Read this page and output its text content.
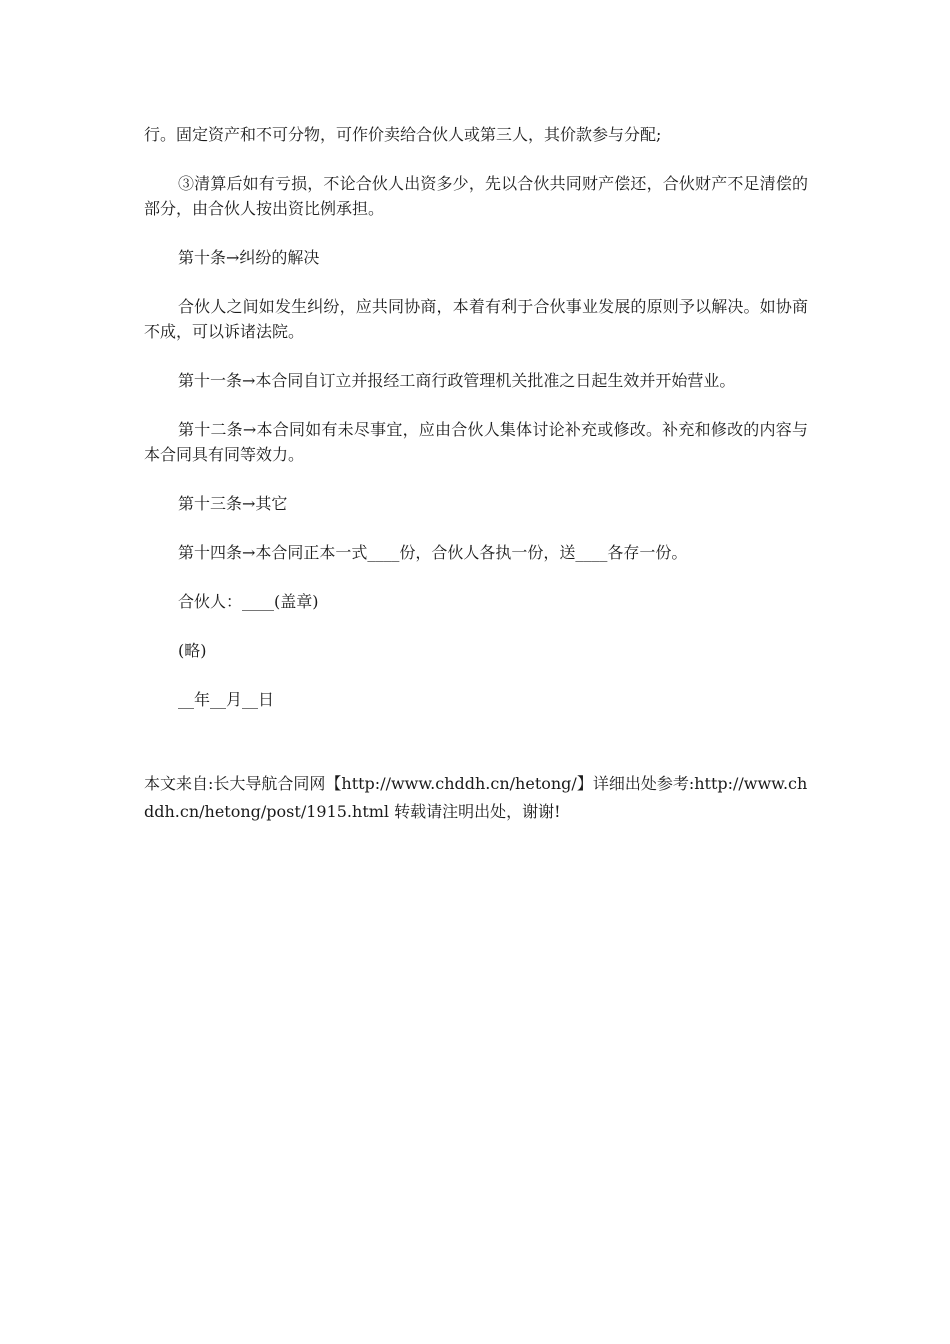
行。固定资产和不可分物，可作价卖给合伙人或第三人，其价款参与分配;

③清算后如有亏损，不论合伙人出资多少，先以合伙共同财产偿还，合伙财产不足清偿的部分，由合伙人按出资比例承担。

第十条→纠纷的解决

合伙人之间如发生纠纷，应共同协商，本着有利于合伙事业发展的原则予以解决。如协商不成，可以诉诸法院。

第十一条→本合同自订立并报经工商行政管理机关批准之日起生效并开始营业。

第十二条→本合同如有未尽事宜，应由合伙人集体讨论补充或修改。补充和修改的内容与本合同具有同等效力。

第十三条→其它

第十四条→本合同正本一式____份，合伙人各执一份，送____各存一份。

合伙人：____(盖章)

(略)

__年__月__日

本文来自:长大导航合同网【http://www.chddh.cn/hetong/】详细出处参考:http://www.chddh.cn/hetong/post/1915.html 转载请注明出处，谢谢!
